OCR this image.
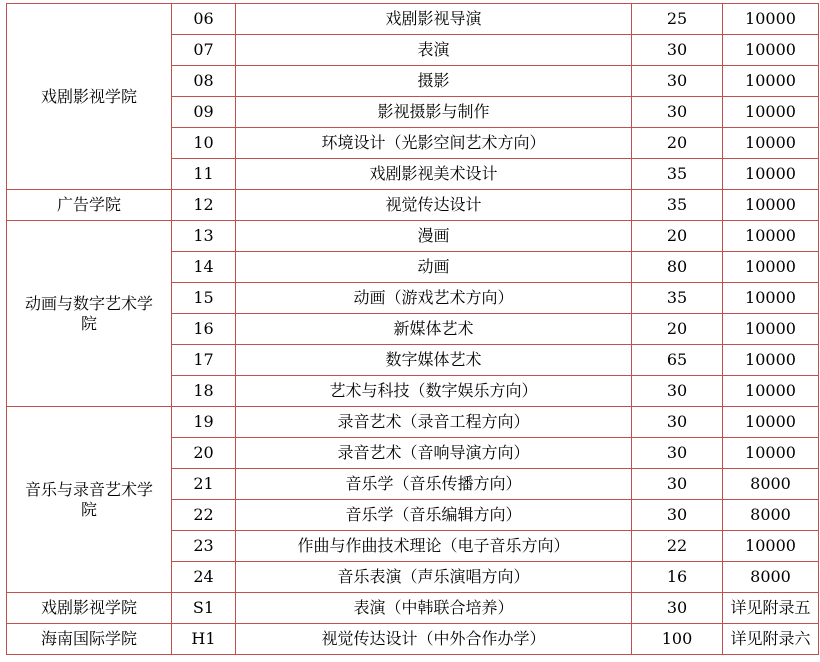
戏剧影视学院	06	戏剧影视导演	25	10000
	07	表演	30	10000
	08	摄影	30	10000
	09	影视摄影与制作	30	10000
	10	环境设计（光影空间艺术方向）	20	10000
	11	戏剧影视美术设计	35	10000
广告学院	12	视觉传达设计	35	10000
动画与数字艺术学院	13	漫画	20	10000
	14	动画	80	10000
	15	动画（游戏艺术方向）	35	10000
	16	新媒体艺术	20	10000
	17	数字媒体艺术	65	10000
	18	艺术与科技（数字娱乐方向）	30	10000
音乐与录音艺术学院	19	录音艺术（录音工程方向）	30	10000
	20	录音艺术（音响导演方向）	30	10000
	21	音乐学（音乐传播方向）	30	8000
	22	音乐学（音乐编辑方向）	30	8000
	23	作曲与作曲技术理论（电子音乐方向）	22	10000
	24	音乐表演（声乐演唱方向）	16	8000
戏剧影视学院	S1	表演（中韩联合培养）	30	详见附录五
海南国际学院	H1	视觉传达设计（中外合作办学）	100	详见附录六
